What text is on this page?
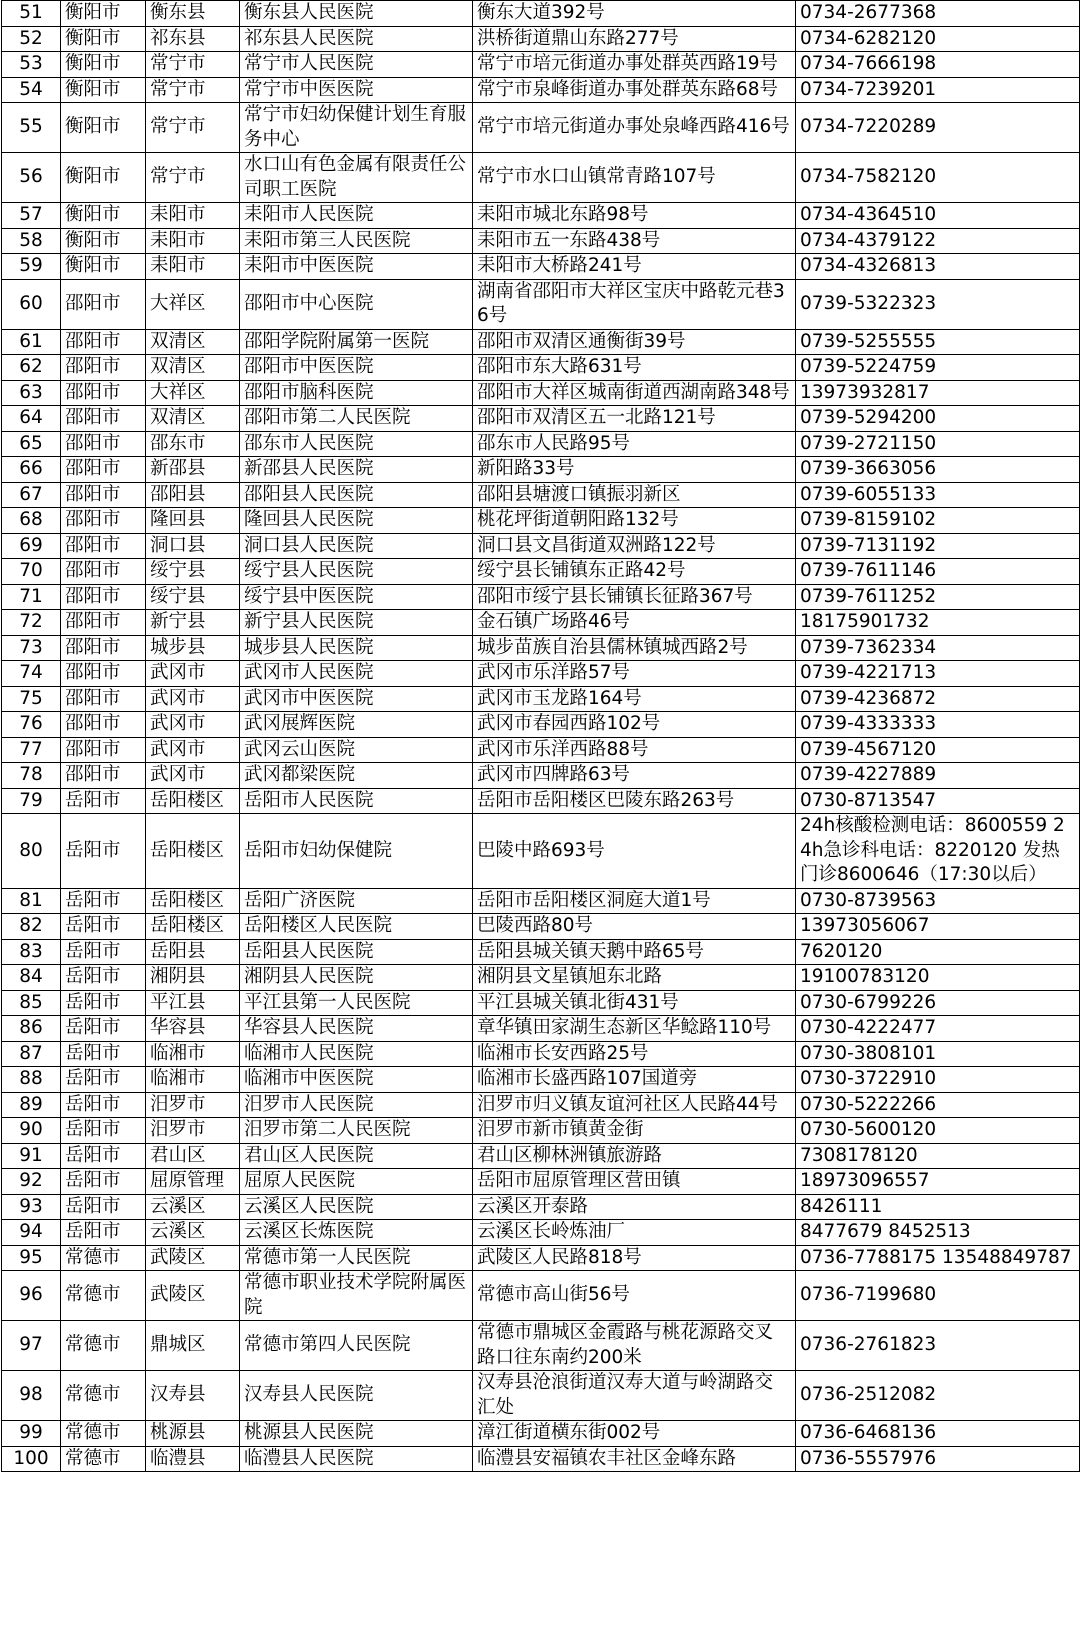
51	衡阳市	衡东县	衡东县人民医院	衡东大道392号	0734-2677368
52	衡阳市	祁东县	祁东县人民医院	洪桥街道鼎山东路277号	0734-6282120
53	衡阳市	常宁市	常宁市人民医院	常宁市培元街道办事处群英西路19号	0734-7666198
54	衡阳市	常宁市	常宁市中医医院	常宁市泉峰街道办事处群英东路68号	0734-7239201
55	衡阳市	常宁市	常宁市妇幼保健计划生育服务中心	常宁市培元街道办事处泉峰西路416号	0734-7220289
56	衡阳市	常宁市	水口山有色金属有限责任公司职工医院	常宁市水口山镇常青路107号	0734-7582120
57	衡阳市	耒阳市	耒阳市人民医院	耒阳市城北东路98号	0734-4364510
58	衡阳市	耒阳市	耒阳市第三人民医院	耒阳市五一东路438号	0734-4379122
59	衡阳市	耒阳市	耒阳市中医医院	耒阳市大桥路241号	0734-4326813
60	邵阳市	大祥区	邵阳市中心医院	湖南省邵阳市大祥区宝庆中路乾元巷36号	0739-5322323
61	邵阳市	双清区	邵阳学院附属第一医院	邵阳市双清区通衡街39号	0739-5255555
62	邵阳市	双清区	邵阳市中医医院	邵阳市东大路631号	0739-5224759
63	邵阳市	大祥区	邵阳市脑科医院	邵阳市大祥区城南街道西湖南路348号	13973932817
64	邵阳市	双清区	邵阳市第二人民医院	邵阳市双清区五一北路121号	0739-5294200
65	邵阳市	邵东市	邵东市人民医院	邵东市人民路95号	0739-2721150
66	邵阳市	新邵县	新邵县人民医院	新阳路33号	0739-3663056
67	邵阳市	邵阳县	邵阳县人民医院	邵阳县塘渡口镇振羽新区	0739-6055133
68	邵阳市	隆回县	隆回县人民医院	桃花坪街道朝阳路132号	0739-8159102
69	邵阳市	洞口县	洞口县人民医院	洞口县文昌街道双洲路122号	0739-7131192
70	邵阳市	绥宁县	绥宁县人民医院	绥宁县长铺镇东正路42号	0739-7611146
71	邵阳市	绥宁县	绥宁县中医医院	邵阳市绥宁县长铺镇长征路367号	0739-7611252
72	邵阳市	新宁县	新宁县人民医院	金石镇广场路46号	18175901732
73	邵阳市	城步县	城步县人民医院	城步苗族自治县儒林镇城西路2号	0739-7362334
74	邵阳市	武冈市	武冈市人民医院	武冈市乐洋路57号	0739-4221713
75	邵阳市	武冈市	武冈市中医医院	武冈市玉龙路164号	0739-4236872
76	邵阳市	武冈市	武冈展辉医院	武冈市春园西路102号	0739-4333333
77	邵阳市	武冈市	武冈云山医院	武冈市乐洋西路88号	0739-4567120
78	邵阳市	武冈市	武冈都梁医院	武冈市四牌路63号	0739-4227889
79	岳阳市	岳阳楼区	岳阳市人民医院	岳阳市岳阳楼区巴陵东路263号	0730-8713547
80	岳阳市	岳阳楼区	岳阳市妇幼保健院	巴陵中路693号	24h核酸检测电话：8600559 24h急诊科电话：8220120 发热门诊8600646（17:30以后）
81	岳阳市	岳阳楼区	岳阳广济医院	岳阳市岳阳楼区洞庭大道1号	0730-8739563
82	岳阳市	岳阳楼区	岳阳楼区人民医院	巴陵西路80号	13973056067
83	岳阳市	岳阳县	岳阳县人民医院	岳阳县城关镇天鹅中路65号	7620120
84	岳阳市	湘阴县	湘阴县人民医院	湘阴县文星镇旭东北路	19100783120
85	岳阳市	平江县	平江县第一人民医院	平江县城关镇北街431号	0730-6799226
86	岳阳市	华容县	华容县人民医院	章华镇田家湖生态新区华鲶路110号	0730-4222477
87	岳阳市	临湘市	临湘市人民医院	临湘市长安西路25号	0730-3808101
88	岳阳市	临湘市	临湘市中医医院	临湘市长盛西路107国道旁	0730-3722910
89	岳阳市	汨罗市	汨罗市人民医院	汨罗市归义镇友谊河社区人民路44号	0730-5222266
90	岳阳市	汨罗市	汨罗市第二人民医院	汨罗市新市镇黄金街	0730-5600120
91	岳阳市	君山区	君山区人民医院	君山区柳林洲镇旅游路	7308178120
92	岳阳市	屈原管理	屈原人民医院	岳阳市屈原管理区营田镇	18973096557
93	岳阳市	云溪区	云溪区人民医院	云溪区开泰路	8426111
94	岳阳市	云溪区	云溪区长炼医院	云溪区长岭炼油厂	8477679 8452513
95	常德市	武陵区	常德市第一人民医院	武陵区人民路818号	0736-7788175 13548849787
96	常德市	武陵区	常德市职业技术学院附属医院	常德市高山街56号	0736-7199680
97	常德市	鼎城区	常德市第四人民医院	常德市鼎城区金霞路与桃花源路交叉路口往东南约200米	0736-2761823
98	常德市	汉寿县	汉寿县人民医院	汉寿县沧浪街道汉寿大道与岭湖路交汇处	0736-2512082
99	常德市	桃源县	桃源县人民医院	漳江街道横东街002号	0736-6468136
100	常德市	临澧县	临澧县人民医院	临澧县安福镇农丰社区金峰东路	0736-5557976
